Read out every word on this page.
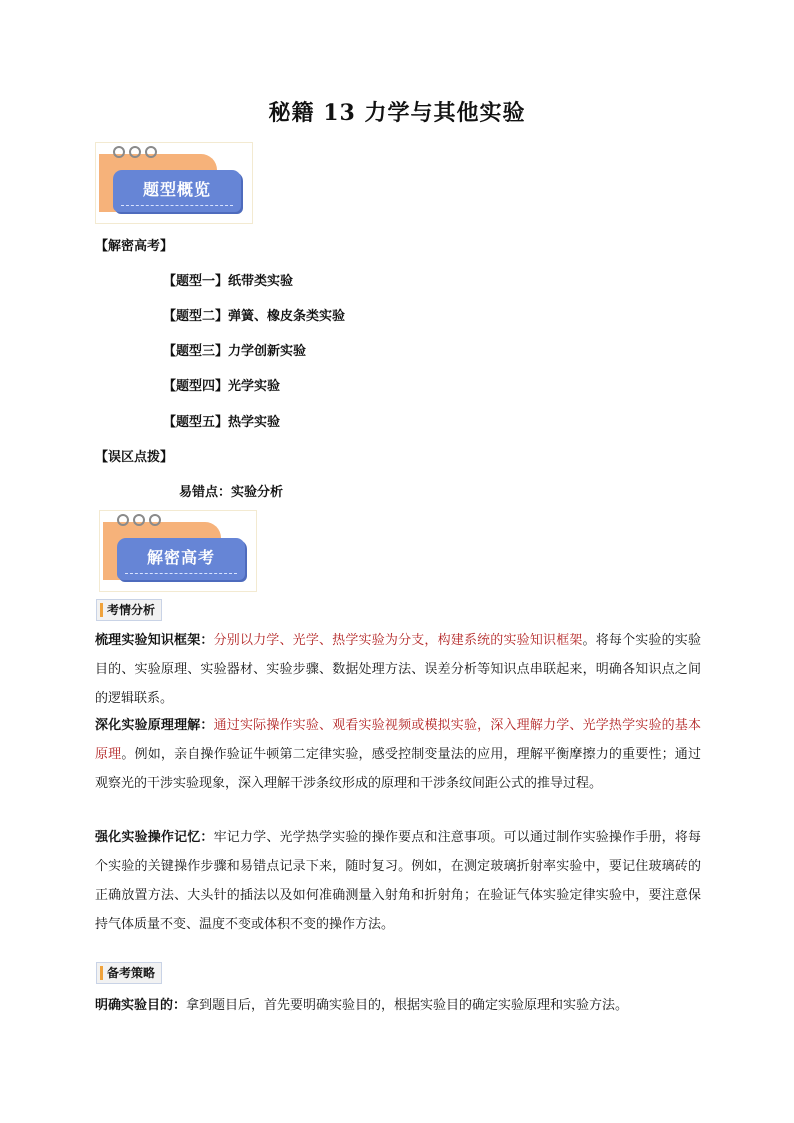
秘籍 13 力学与其他实验
题型概览
【解密高考】
【题型一】纸带类实验
【题型二】弹簧、橡皮条类实验
【题型三】力学创新实验
【题型四】光学实验
【题型五】热学实验
【误区点拨】
易错点：实验分析
解密高考
考情分析
梳理实验知识框架：分别以力学、光学、热学实验为分支，构建系统的实验知识框架。将每个实验的实验目的、实验原理、实验器材、实验步骤、数据处理方法、误差分析等知识点串联起来，明确各知识点之间的逻辑联系。
深化实验原理理解：通过实际操作实验、观看实验视频或模拟实验，深入理解力学、光学热学实验的基本原理。例如，亲自操作验证牛顿第二定律实验，感受控制变量法的应用，理解平衡摩擦力的重要性；通过观察光的干涉实验现象，深入理解干涉条纹形成的原理和干涉条纹间距公式的推导过程。
强化实验操作记忆：牢记力学、光学热学实验的操作要点和注意事项。可以通过制作实验操作手册，将每个实验的关键操作步骤和易错点记录下来，随时复习。例如，在测定玻璃折射率实验中，要记住玻璃砖的正确放置方法、大头针的插法以及如何准确测量入射角和折射角；在验证气体实验定律实验中，要注意保持气体质量不变、温度不变或体积不变的操作方法。
备考策略
明确实验目的：拿到题目后，首先要明确实验目的，根据实验目的确定实验原理和实验方法。
